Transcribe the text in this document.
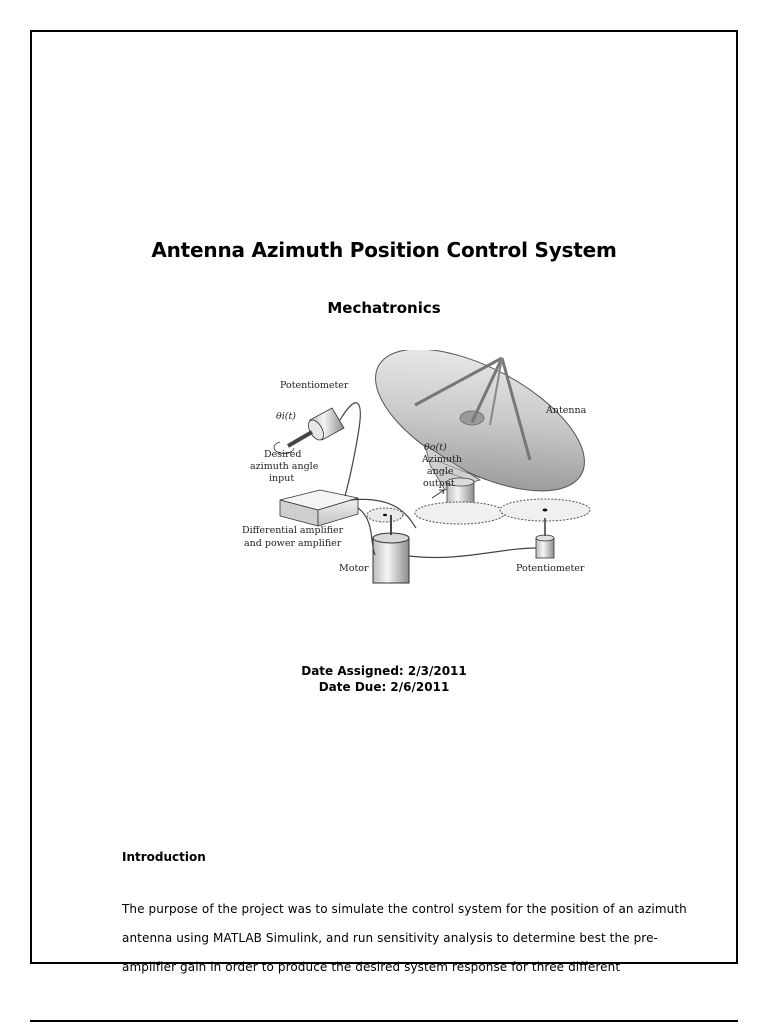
Antenna Azimuth Position Control System
Mechatronics
Potentiometer
θi(t)
Desired
azimuth angle
input
θo(t)
Azimuth
angle
output
Antenna
Differential amplifier
and power amplifier
Motor	Potentiometer
Date Assigned: 2/3/2011
Date Due: 2/6/2011
Introduction
The purpose of the project was to simulate the control system for the position of an azimuth
antenna using MATLAB Simulink, and run sensitivity analysis to determine best the pre-
amplifier gain in order to produce the desired system response for three different
